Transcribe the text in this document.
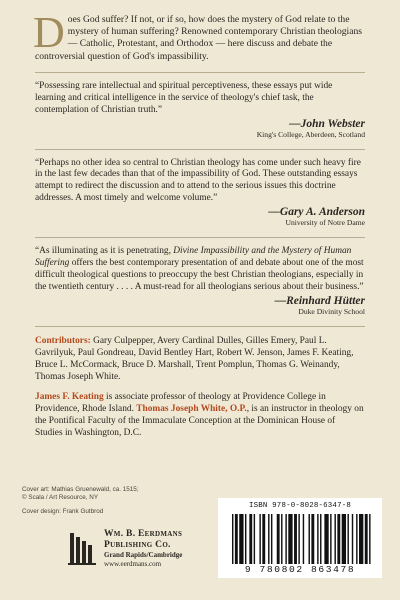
Does God suffer? If not, or if so, how does the mystery of God relate to the mystery of human suffering? Renowned contemporary Christian theologians — Catholic, Protestant, and Orthodox — here discuss and debate the controversial question of God's impassibility.

“Possessing rare intellectual and spiritual perceptiveness, these essays put wide learning and critical intelligence in the service of theology's chief task, the contemplation of Christian truth.”

—John Webster
King's College, Aberdeen, Scotland

“Perhaps no other idea so central to Christian theology has come under such heavy fire in the last few decades than that of the impassibility of God. These outstanding essays attempt to redirect the discussion and to attend to the serious issues this doctrine addresses. A most timely and welcome volume.”

—Gary A. Anderson
University of Notre Dame

“As illuminating as it is penetrating, Divine Impassibility and the Mystery of Human Suffering offers the best contemporary presentation of and debate about one of the most difficult theological questions to preoccupy the best Christian theologians, especially in the twentieth century . . . . A must-read for all theologians serious about their business.”

—Reinhard Hütter
Duke Divinity School

Contributors: Gary Culpepper, Avery Cardinal Dulles, Gilles Emery, Paul L. Gavrilyuk, Paul Gondreau, David Bentley Hart, Robert W. Jenson, James F. Keating, Bruce L. McCormack, Bruce D. Marshall, Trent Pomplun, Thomas G. Weinandy, Thomas Joseph White.

James F. Keating is associate professor of theology at Providence College in Providence, Rhode Island. Thomas Joseph White, O.P., is an instructor in theology on the Pontifical Faculty of the Immaculate Conception at the Dominican House of Studies in Washington, D.C.

Cover art: Mathias Gruenewald, ca. 1515;
© Scala / Art Resource, NY
Cover design: Frank Gutbrod
Wm. B. Eerdmans
Publishing Co.
Grand Rapids/Cambridge
www.eerdmans.com
ISBN 978-0-8028-6347-8
9 780802 863478
